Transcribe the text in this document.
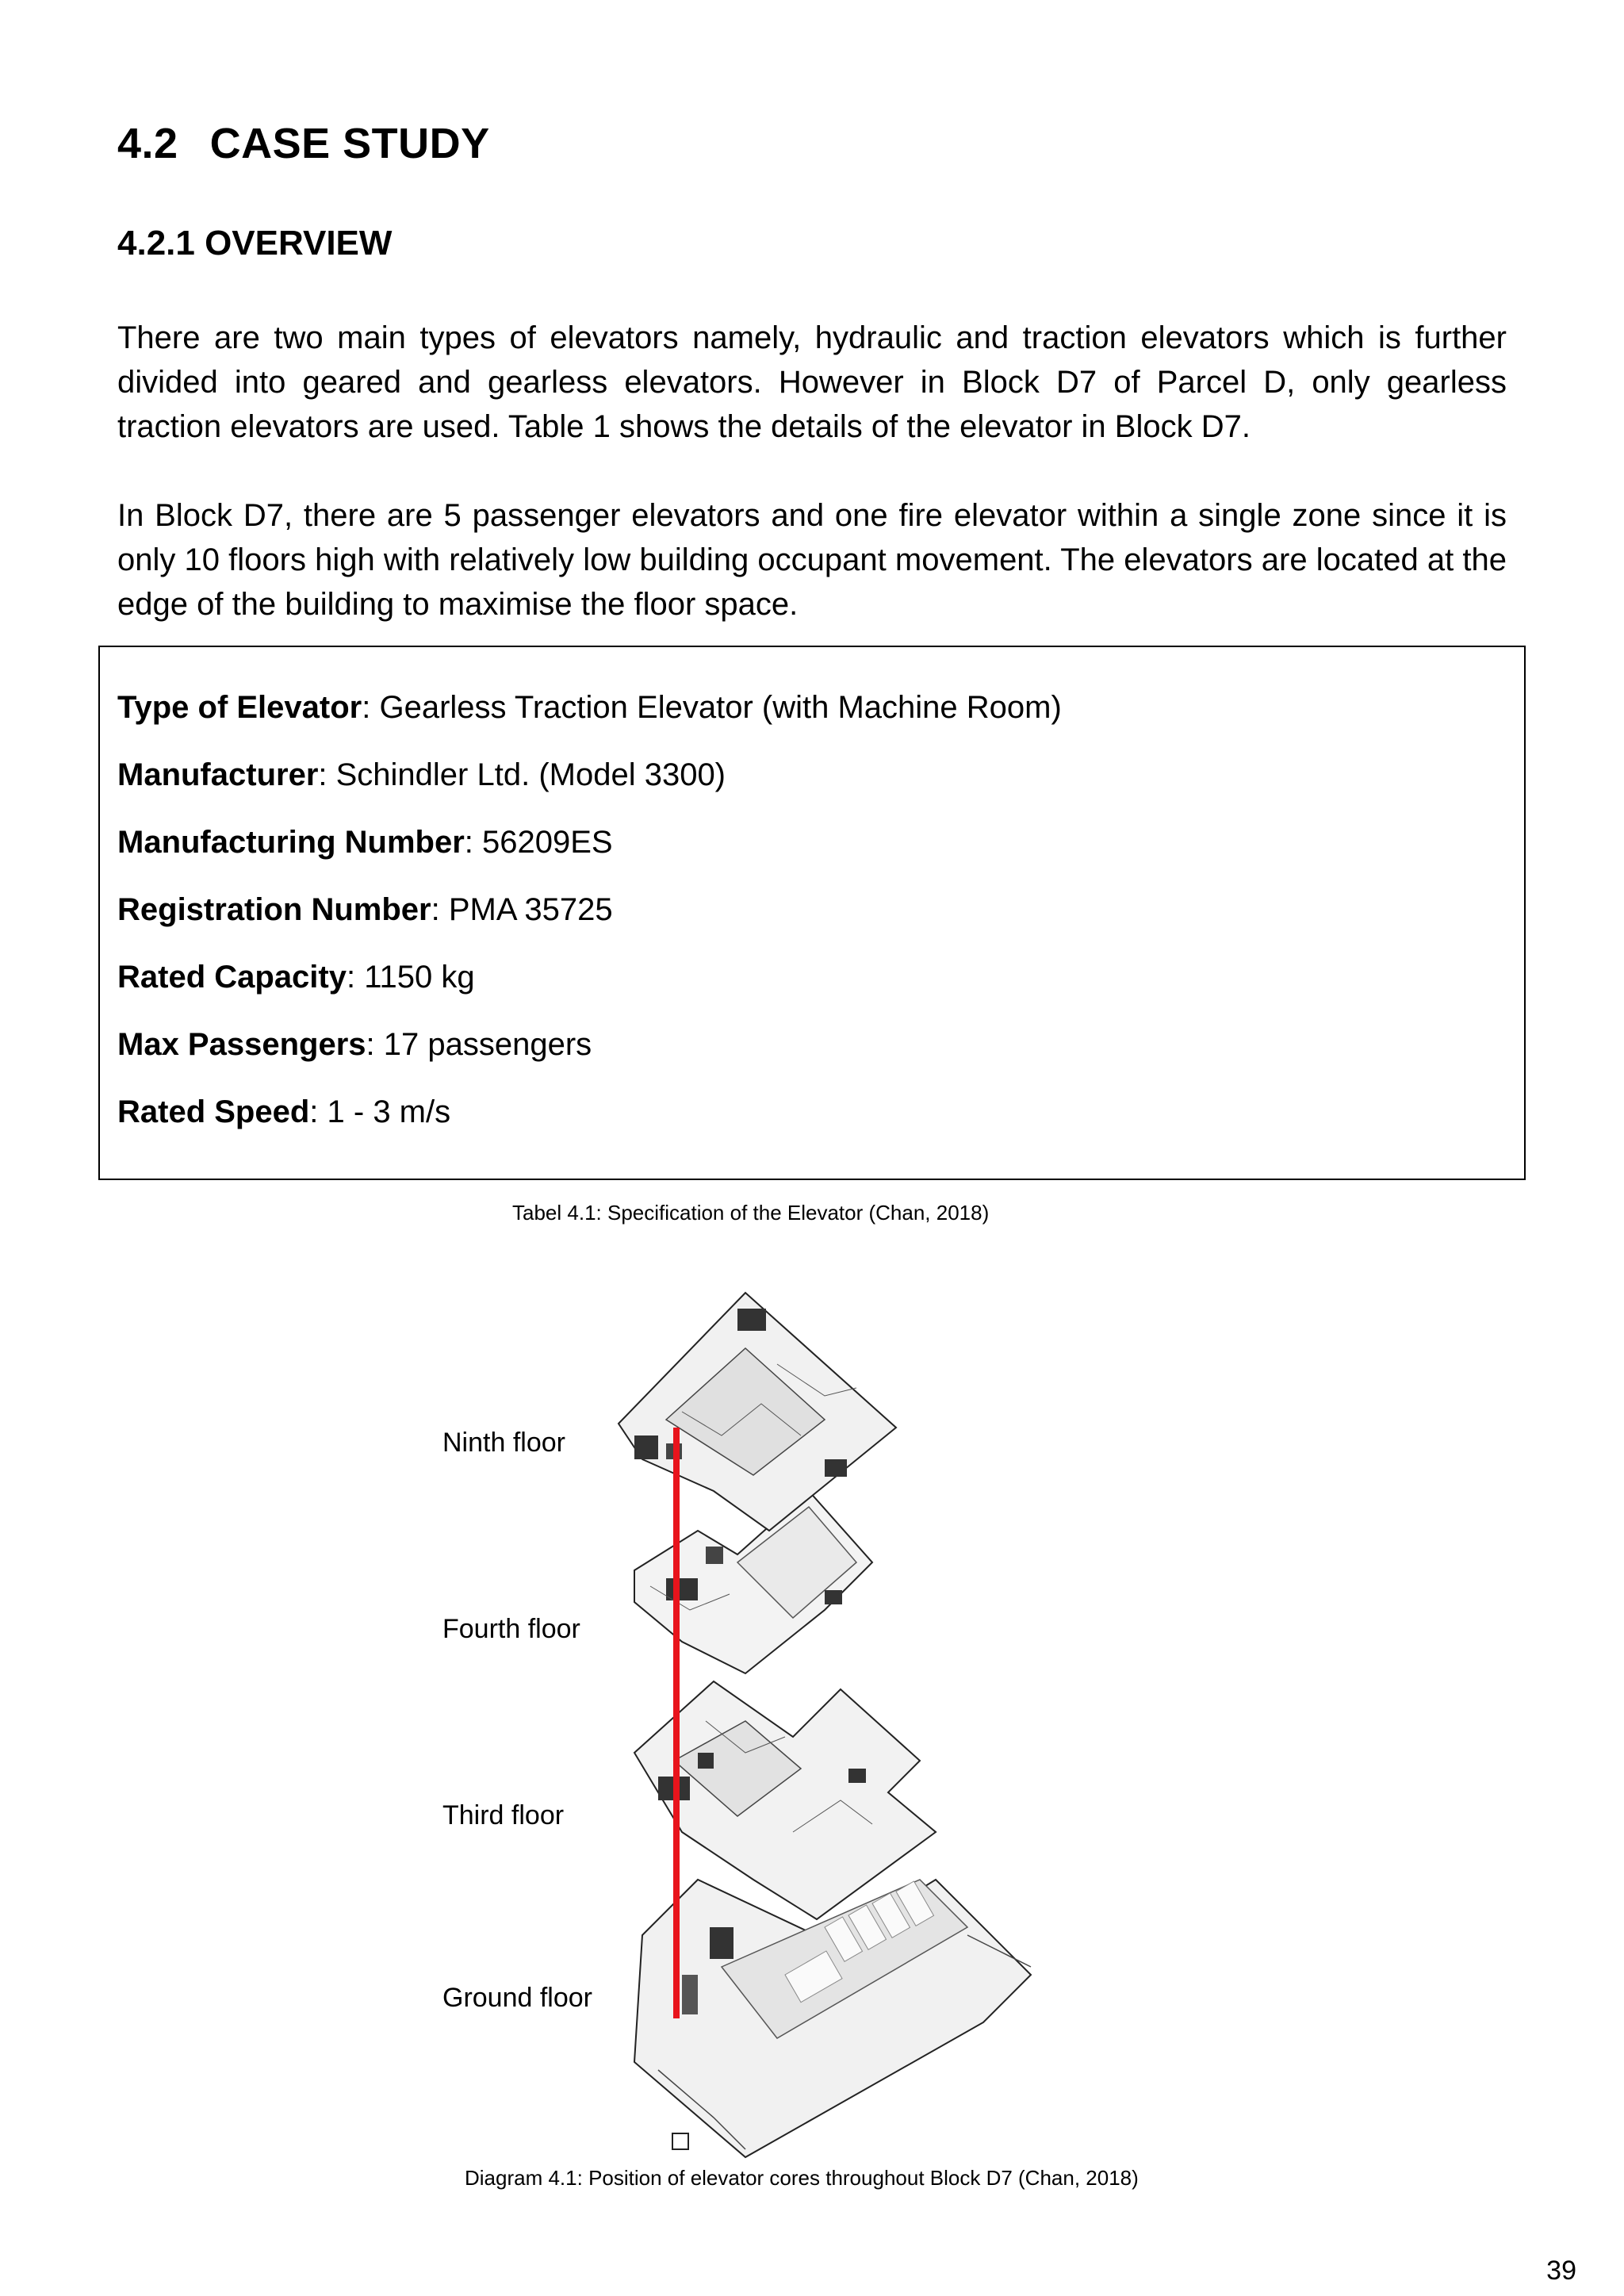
4.2 CASE STUDY
4.2.1 OVERVIEW

There are two main types of elevators namely, hydraulic and traction elevators which is further divided into geared and gearless elevators. However in Block D7 of Parcel D, only gearless traction elevators are used. Table 1 shows the details of the elevator in Block D7.

In Block D7, there are 5 passenger elevators and one fire elevator within a single zone since it is only 10 floors high with relatively low building occupant movement. The elevators are located at the edge of the building to maximise the floor space.

Type of Elevator: Gearless Traction Elevator (with Machine Room)
Manufacturer: Schindler Ltd. (Model 3300)
Manufacturing Number: 56209ES
Registration Number: PMA 35725
Rated Capacity: 1150 kg
Max Passengers: 17 passengers
Rated Speed: 1 - 3 m/s
Tabel 4.1: Specification of the Elevator (Chan, 2018)
Ninth floor
Fourth floor
Third floor
Ground floor
Diagram 4.1: Position of elevator cores throughout Block D7 (Chan, 2018)
39
